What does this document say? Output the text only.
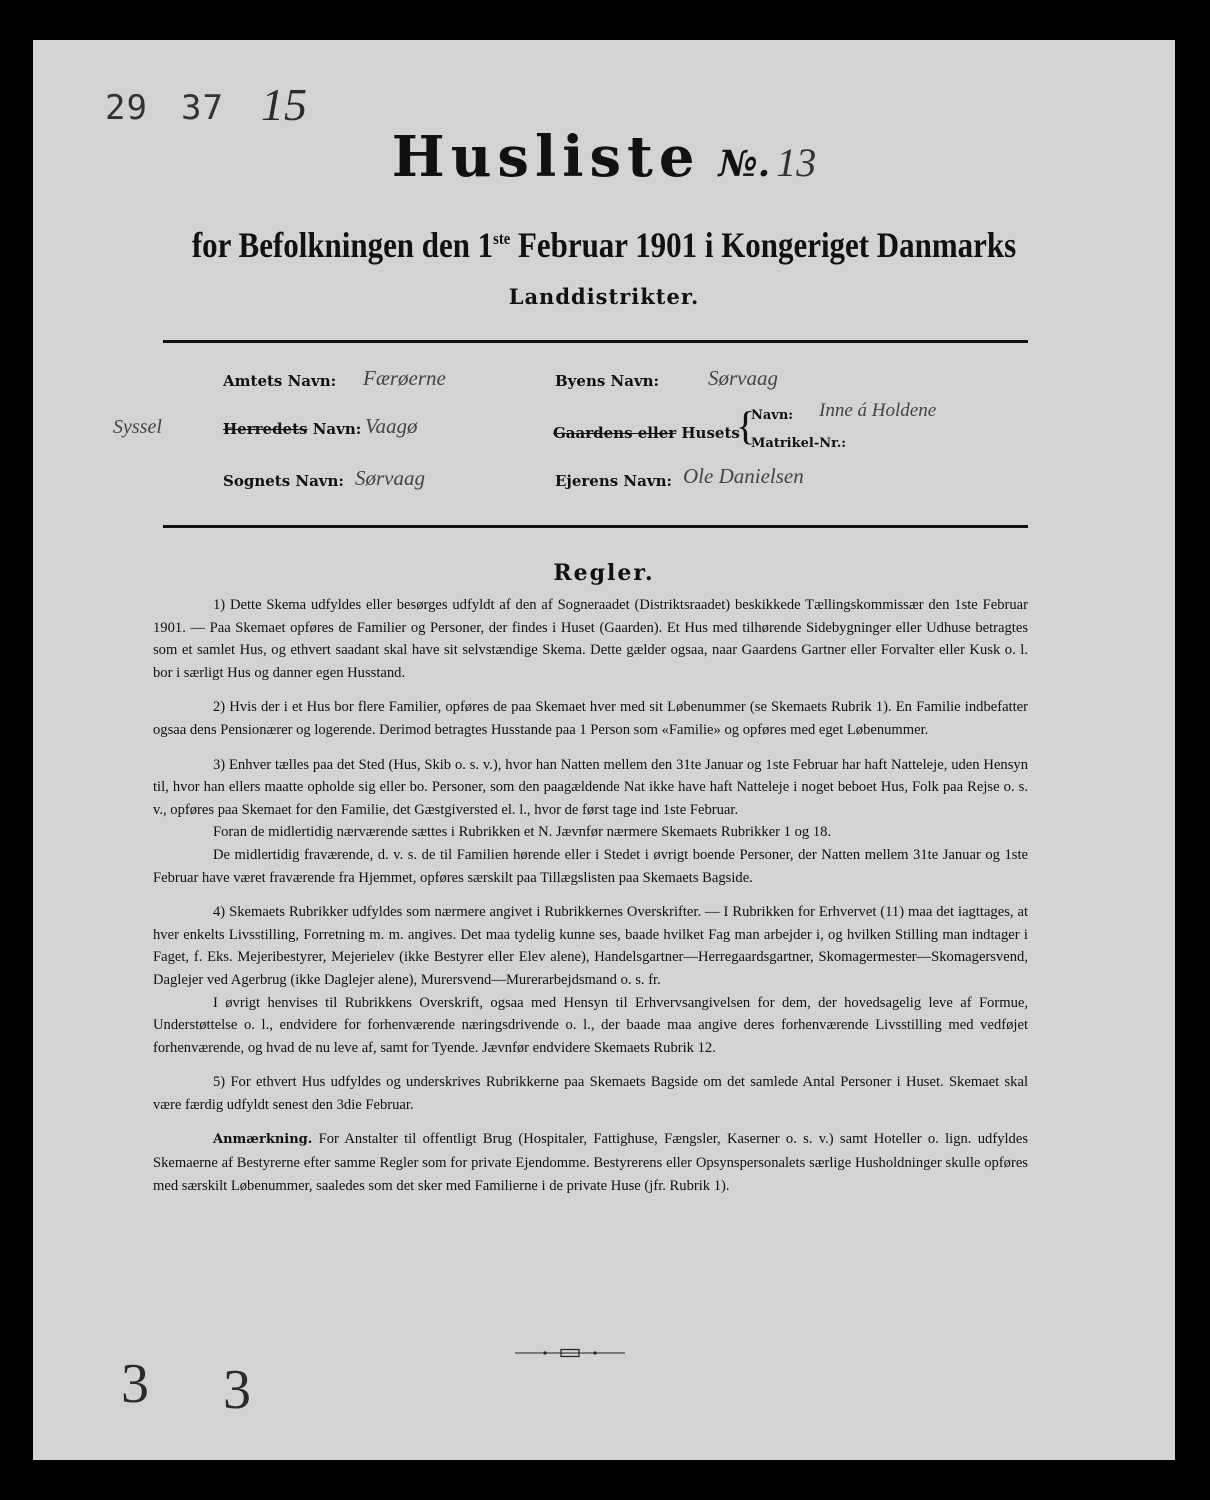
29 37 15
Husliste №. 13
for Befolkningen den 1ste Februar 1901 i Kongeriget Danmarks
Landdistrikter.
Amtets Navn: Færøerne	Byens Navn: Sørvaag
Syssel	Herredets Navn: Vaagø	Gaardens eller Husets
{
Navn: Inne á Holdene
Matrikel-Nr.:
Sognets Navn: Sørvaag	Ejerens Navn: Ole Danielsen
Regler.

1) Dette Skema udfyldes eller besørges udfyldt af den af Sogneraadet (Distriktsraadet) beskikkede Tællingskommissær den 1ste Februar 1901. — Paa Skemaet opføres de Familier og Personer, der findes i Huset (Gaarden). Et Hus med tilhørende Sidebygninger eller Udhuse betragtes som et samlet Hus, og ethvert saadant skal have sit selvstændige Skema. Dette gælder ogsaa, naar Gaardens Gartner eller Forvalter eller Kusk o. l. bor i særligt Hus og danner egen Husstand.

2) Hvis der i et Hus bor flere Familier, opføres de paa Skemaet hver med sit Løbenummer (se Skemaets Rubrik 1). En Familie indbefatter ogsaa dens Pensionærer og logerende. Derimod betragtes Husstande paa 1 Person som «Familie» og opføres med eget Løbenummer.

3) Enhver tælles paa det Sted (Hus, Skib o. s. v.), hvor han Natten mellem den 31te Januar og 1ste Februar har haft Natteleje, uden Hensyn til, hvor han ellers maatte opholde sig eller bo. Personer, som den paagældende Nat ikke have haft Natteleje i noget beboet Hus, Folk paa Rejse o. s. v., opføres paa Skemaet for den Familie, det Gæstgiversted el. l., hvor de først tage ind 1ste Februar.

Foran de midlertidig nærværende sættes i Rubrikken et N. Jævnfør nærmere Skemaets Rubrikker 1 og 18.

De midlertidig fraværende, d. v. s. de til Familien hørende eller i Stedet i øvrigt boende Personer, der Natten mellem 31te Januar og 1ste Februar have været fraværende fra Hjemmet, opføres særskilt paa Tillægslisten paa Skemaets Bagside.

4) Skemaets Rubrikker udfyldes som nærmere angivet i Rubrikkernes Overskrifter. — I Rubrikken for Erhvervet (11) maa det iagttages, at hver enkelts Livsstilling, Forretning m. m. angives. Det maa tydelig kunne ses, baade hvilket Fag man arbejder i, og hvilken Stilling man indtager i Faget, f. Eks. Mejeribestyrer, Mejerielev (ikke Bestyrer eller Elev alene), Handelsgartner—Herregaardsgartner, Skomagermester—Skomagersvend, Daglejer ved Agerbrug (ikke Daglejer alene), Murersvend—Murerarbejdsmand o. s. fr.

I øvrigt henvises til Rubrikkens Overskrift, ogsaa med Hensyn til Erhvervsangivelsen for dem, der hovedsagelig leve af Formue, Understøttelse o. l., endvidere for forhenværende næringsdrivende o. l., der baade maa angive deres forhenværende Livsstilling med vedføjet forhenværende, og hvad de nu leve af, samt for Tyende. Jævnfør endvidere Skemaets Rubrik 12.

5) For ethvert Hus udfyldes og underskrives Rubrikkerne paa Skemaets Bagside om det samlede Antal Personer i Huset. Skemaet skal være færdig udfyldt senest den 3die Februar.

Anmærkning. For Anstalter til offentligt Brug (Hospitaler, Fattighuse, Fængsler, Kaserner o. s. v.) samt Hoteller o. lign. udfyldes Skemaerne af Bestyrerne efter samme Regler som for private Ejendomme. Bestyrerens eller Opsynspersonalets særlige Husholdninger skulle opføres med særskilt Løbenummer, saaledes som det sker med Familierne i de private Huse (jfr. Rubrik 1).

3 3
